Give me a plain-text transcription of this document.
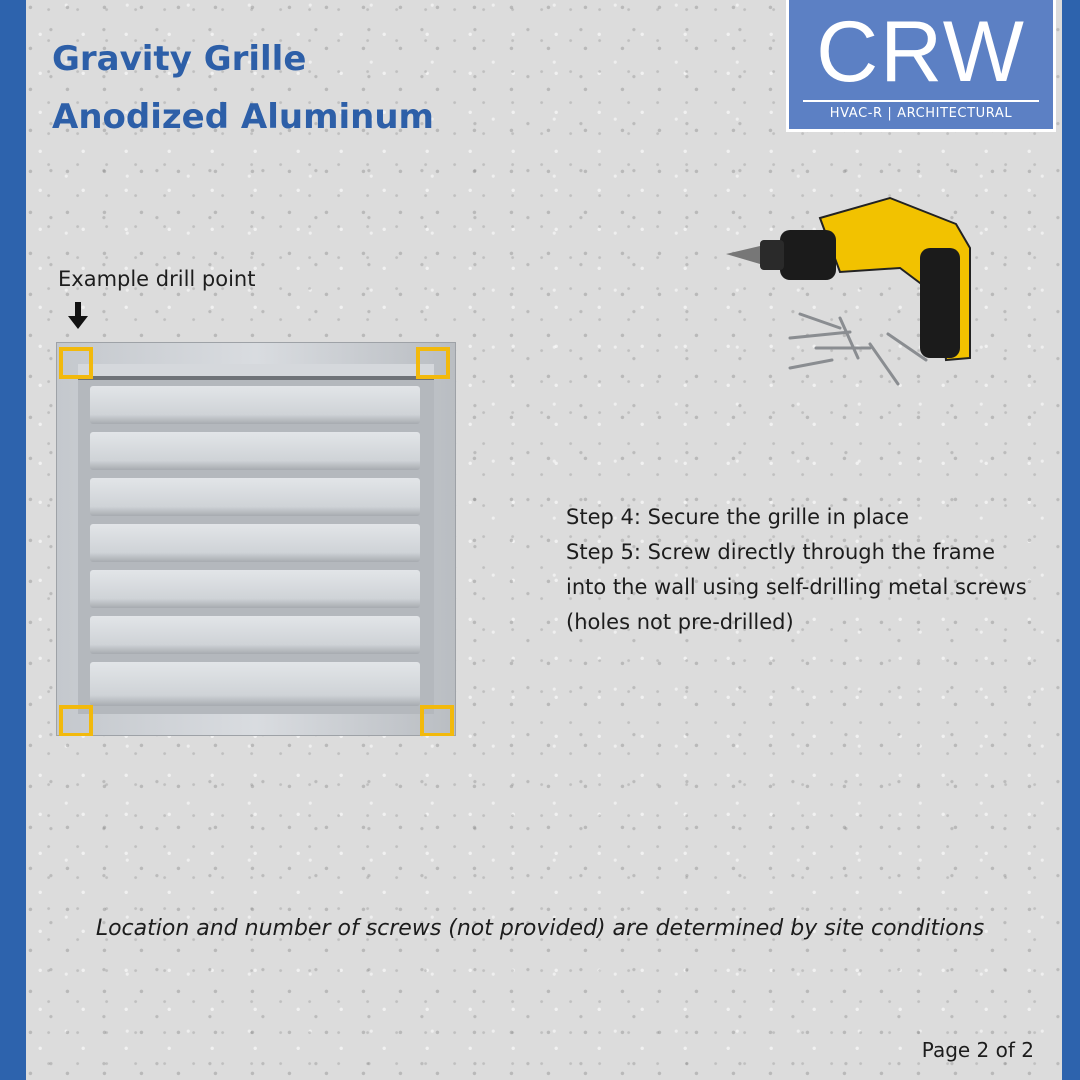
Gravity Grille
Anodized Aluminum
CRW
HVAC-R | ARCHITECTURAL
Example drill point
Step 4: Secure the grille in place
Step 5: Screw directly through the frame into the wall using self-drilling metal screws (holes not pre-drilled)
Location and number of screws (not provided) are determined by site conditions
Page 2 of 2
